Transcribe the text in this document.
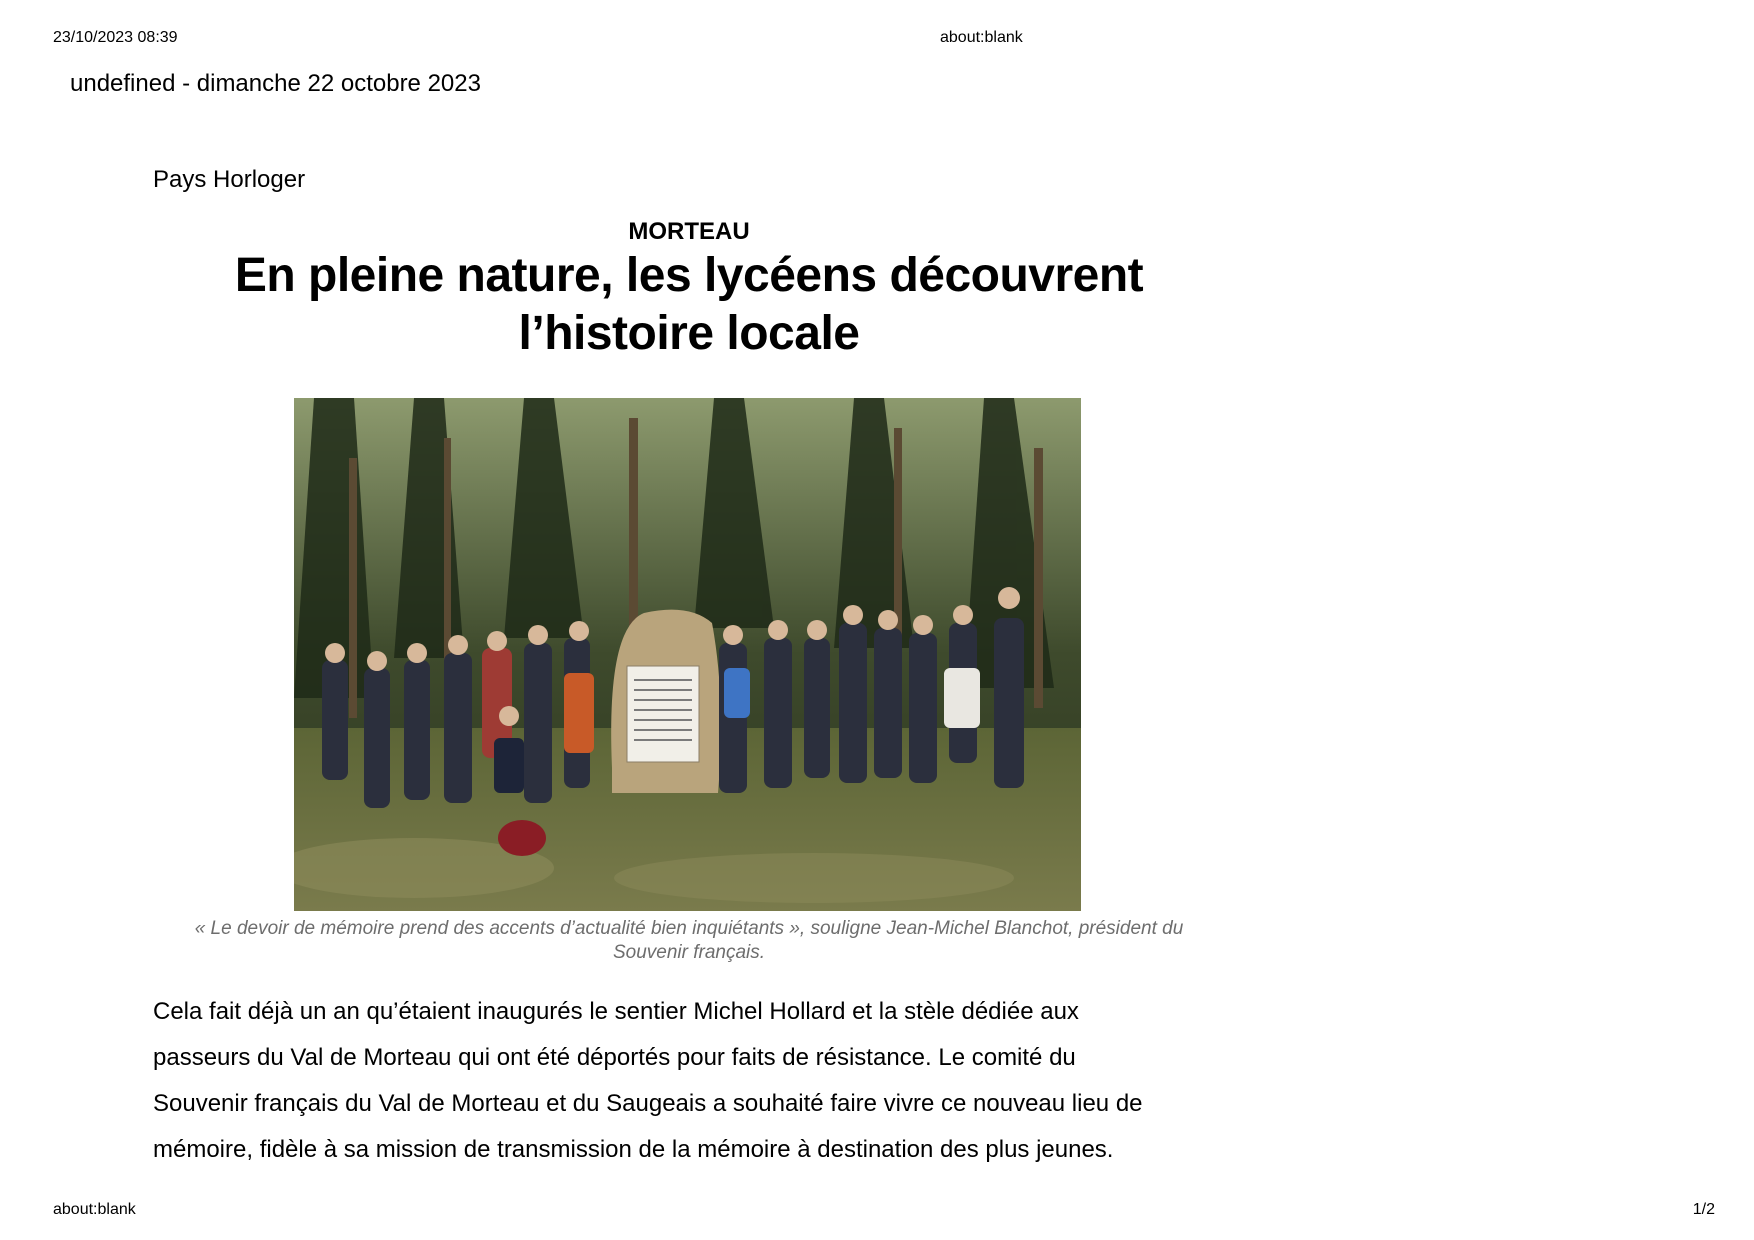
23/10/2023 08:39	about:blank
undefined - dimanche 22 octobre 2023
Pays Horloger
MORTEAU
En pleine nature, les lycéens découvrent
l’histoire locale
« Le devoir de mémoire prend des accents d’actualité bien inquiétants », souligne Jean-Michel Blanchot, président du
Souvenir français.
Cela fait déjà un an qu’étaient inaugurés le sentier Michel Hollard et la stèle dédiée aux
passeurs du Val de Morteau qui ont été déportés pour faits de résistance. Le comité du
Souvenir français du Val de Morteau et du Saugeais a souhaité faire vivre ce nouveau lieu de
mémoire, fidèle à sa mission de transmission de la mémoire à destination des plus jeunes.
about:blank	1/2
